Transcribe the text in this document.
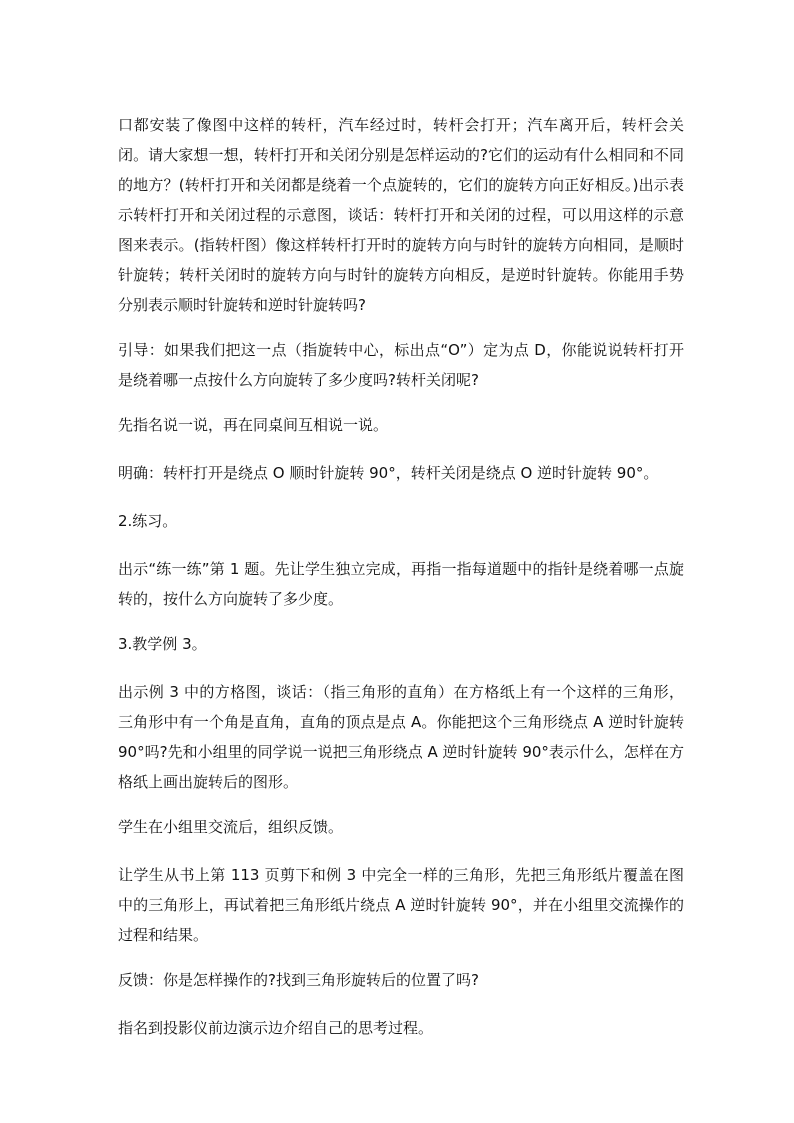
口都安装了像图中这样的转杆，汽车经过时，转杆会打开；汽车离开后，转杆会关闭。请大家想一想，转杆打开和关闭分别是怎样运动的?它们的运动有什么相同和不同的地方？(转杆打开和关闭都是绕着一个点旋转的，它们的旋转方向正好相反。)出示表示转杆打开和关闭过程的示意图，谈话：转杆打开和关闭的过程，可以用这样的示意图来表示。(指转杆图）像这样转杆打开时的旋转方向与时针的旋转方向相同，是顺时针旋转；转杆关闭时的旋转方向与时针的旋转方向相反，是逆时针旋转。你能用手势分别表示顺时针旋转和逆时针旋转吗?

引导：如果我们把这一点（指旋转中心，标出点“O”）定为点 D，你能说说转杆打开是绕着哪一点按什么方向旋转了多少度吗?转杆关闭呢?

先指名说一说，再在同桌间互相说一说。

明确：转杆打开是绕点 O 顺时针旋转 90°，转杆关闭是绕点 O 逆时针旋转 90°。

2.练习。

出示“练一练”第 1 题。先让学生独立完成，再指一指每道题中的指针是绕着哪一点旋转的，按什么方向旋转了多少度。

3.教学例 3。

出示例 3 中的方格图，谈话：（指三角形的直角）在方格纸上有一个这样的三角形，三角形中有一个角是直角，直角的顶点是点 A。你能把这个三角形绕点 A 逆时针旋转 90°吗?先和小组里的同学说一说把三角形绕点 A 逆时针旋转 90°表示什么，怎样在方格纸上画出旋转后的图形。

学生在小组里交流后，组织反馈。

让学生从书上第 113 页剪下和例 3 中完全一样的三角形，先把三角形纸片覆盖在图中的三角形上，再试着把三角形纸片绕点 A 逆时针旋转 90°，并在小组里交流操作的过程和结果。

反馈：你是怎样操作的?找到三角形旋转后的位置了吗?

指名到投影仪前边演示边介绍自己的思考过程。
